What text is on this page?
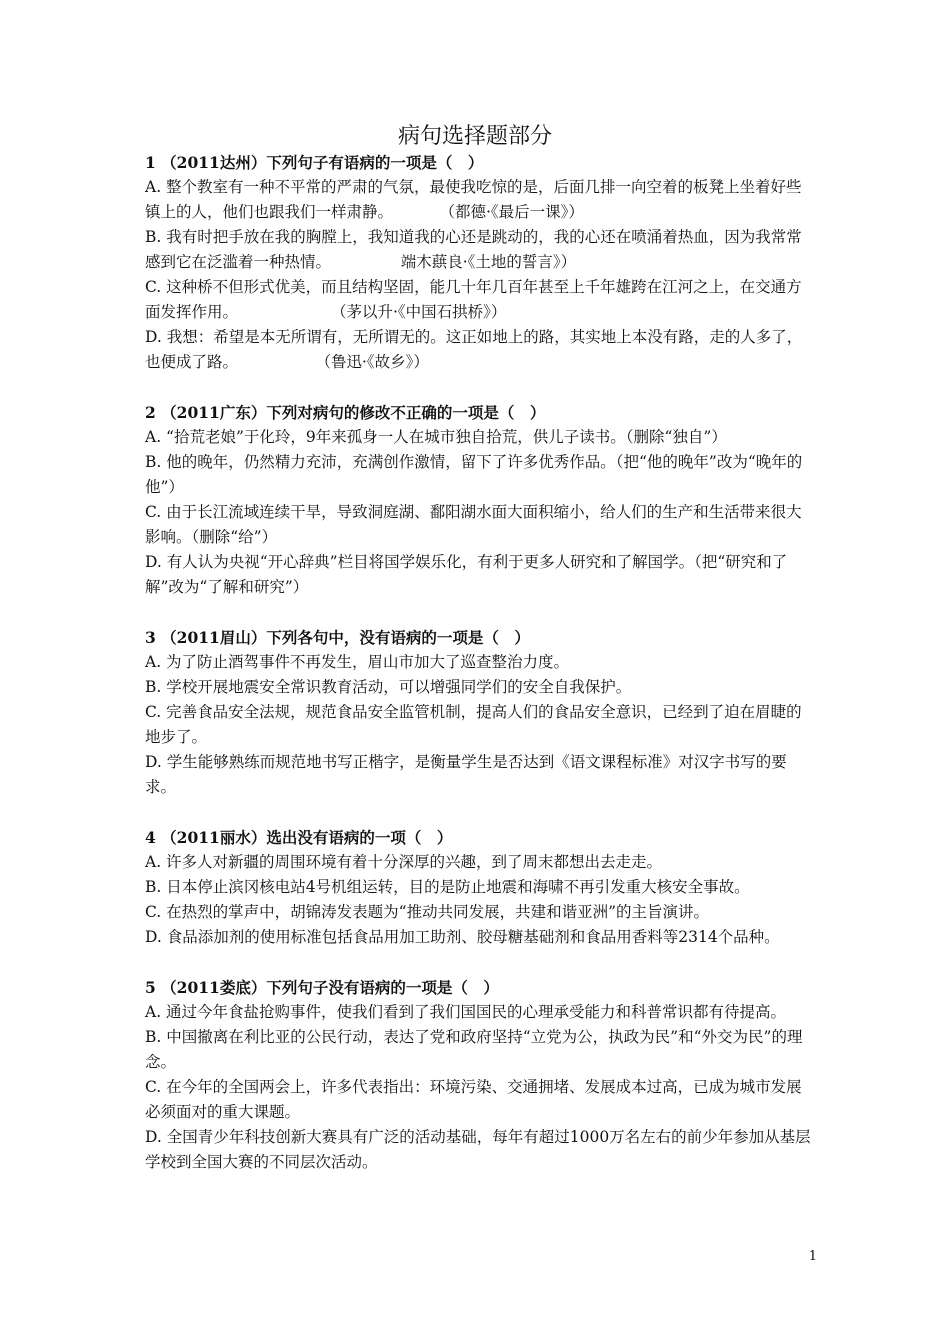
病句选择题部分
1 （2011达州）下列句子有语病的一项是（　）
A. 整个教室有一种不平常的严肃的气氛，最使我吃惊的是，后面几排一向空着的板凳上坐着好些镇上的人，他们也跟我们一样肃静。　　　　（都德·《最后一课》）
B. 我有时把手放在我的胸膛上，我知道我的心还是跳动的，我的心还在喷涌着热血，因为我常常感到它在泛滥着一种热情。　　　　　端木蕻良·《土地的誓言》）
C. 这种桥不但形式优美，而且结构坚固，能几十年几百年甚至上千年雄跨在江河之上，在交通方面发挥作用。　　　　　　　（茅以升·《中国石拱桥》）
D. 我想：希望是本无所谓有，无所谓无的。这正如地上的路，其实地上本没有路，走的人多了，也便成了路。　　　　　　（鲁迅·《故乡》）
2 （2011广东）下列对病句的修改不正确的一项是（　）
A. “拾荒老娘”于化玲，9年来孤身一人在城市独自拾荒，供儿子读书。（删除“独自”）
B. 他的晚年，仍然精力充沛，充满创作激情，留下了许多优秀作品。（把“他的晚年”改为“晚年的他”）
C. 由于长江流域连续干旱，导致洞庭湖、鄱阳湖水面大面积缩小，给人们的生产和生活带来很大影响。（删除“给”）
D. 有人认为央视“开心辞典”栏目将国学娱乐化，有利于更多人研究和了解国学。（把“研究和了解”改为“了解和研究”）
3 （2011眉山）下列各句中，没有语病的一项是（　）
A. 为了防止酒驾事件不再发生，眉山市加大了巡查整治力度。
B. 学校开展地震安全常识教育活动，可以增强同学们的安全自我保护。
C. 完善食品安全法规，规范食品安全监管机制，提高人们的食品安全意识，已经到了迫在眉睫的地步了。
D. 学生能够熟练而规范地书写正楷字，是衡量学生是否达到《语文课程标准》对汉字书写的要求。
4 （2011丽水）选出没有语病的一项（　）
A. 许多人对新疆的周围环境有着十分深厚的兴趣，到了周末都想出去走走。
B. 日本停止滨冈核电站4号机组运转，目的是防止地震和海啸不再引发重大核安全事故。
C. 在热烈的掌声中，胡锦涛发表题为“推动共同发展，共建和谐亚洲”的主旨演讲。
D. 食品添加剂的使用标准包括食品用加工助剂、胶母糖基础剂和食品用香料等2314个品种。
5 （2011娄底）下列句子没有语病的一项是（　）
A. 通过今年食盐抢购事件，使我们看到了我们国国民的心理承受能力和科普常识都有待提高。
B. 中国撤离在利比亚的公民行动，表达了党和政府坚持“立党为公，执政为民”和“外交为民”的理念。
C. 在今年的全国两会上，许多代表指出：环境污染、交通拥堵、发展成本过高，已成为城市发展必须面对的重大课题。
D. 全国青少年科技创新大赛具有广泛的活动基础，每年有超过1000万名左右的前少年参加从基层学校到全国大赛的不同层次活动。
1
